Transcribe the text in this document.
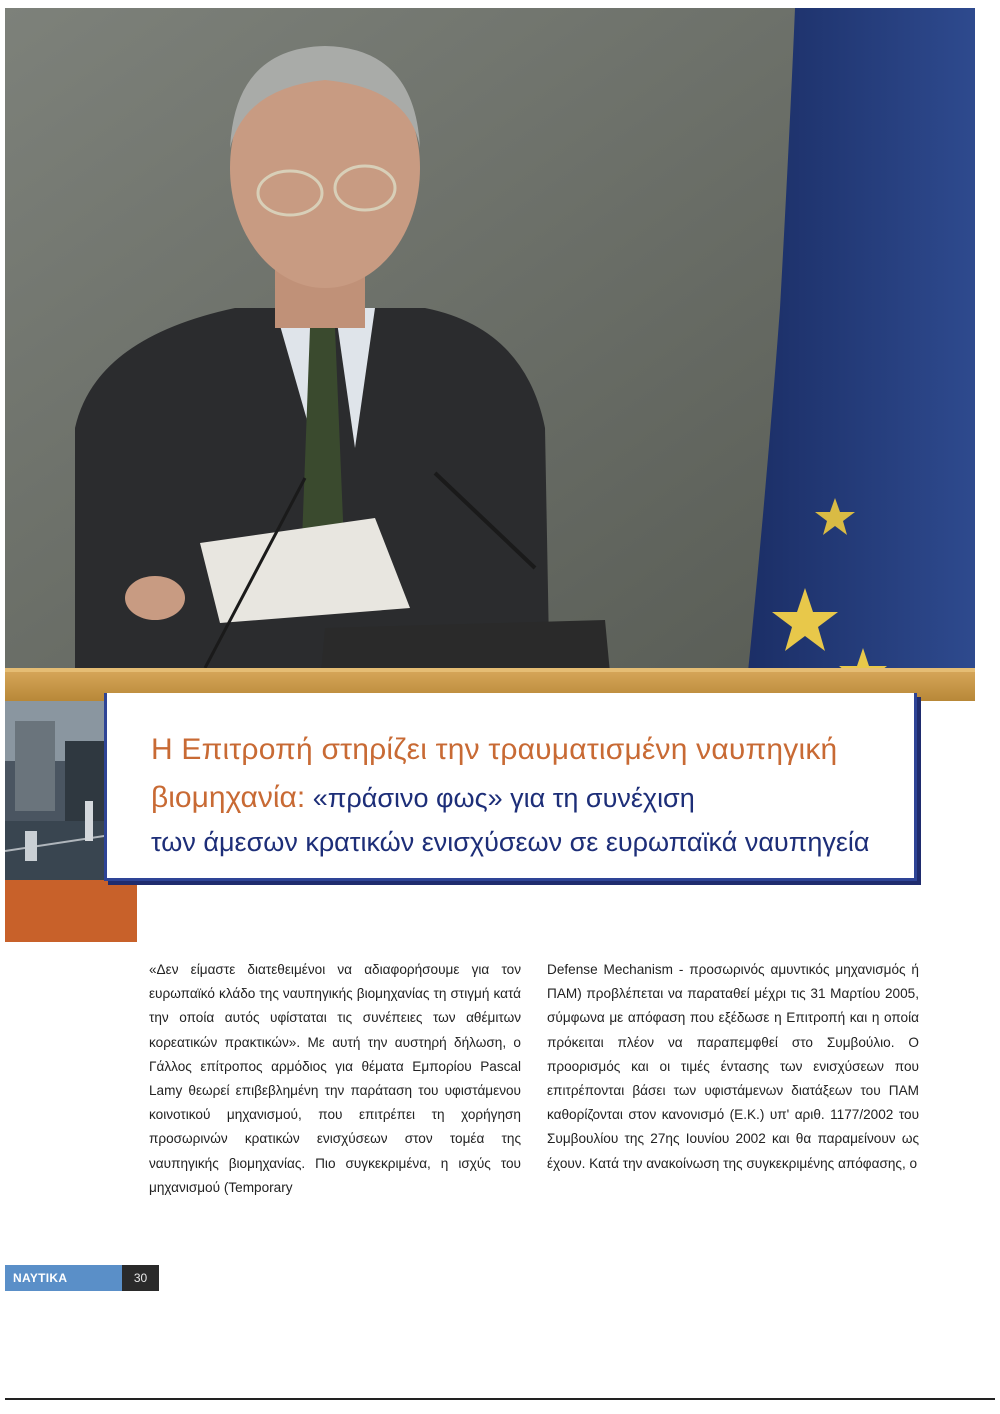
Η Επιτροπή στηρίζει την τραυματισμένη ναυπηγική
βιομηχανία: «πράσινο φως» για τη συνέχιση
των άμεσων κρατικών ενισχύσεων σε ευρωπαϊκά ναυπηγεία

«Δεν είμαστε διατεθειμένοι να αδιαφορήσουμε για τον ευρωπαϊκό κλάδο της ναυπηγικής βιομηχανίας τη στιγμή κατά την οποία αυτός υφίσταται τις συνέπειες των αθέμιτων κορεατικών πρακτικών». Με αυτή την αυστηρή δήλωση, ο Γάλλος επίτροπος αρμόδιος για θέματα Εμπορίου Pascal Lamy θεωρεί επιβεβλημένη την παράταση του υφιστάμενου κοινοτικού μηχανισμού, που επιτρέπει τη χορήγηση προσωρινών κρατικών ενισχύσεων στον τομέα της ναυπηγικής βιομηχανίας. Πιο συγκεκριμένα, η ισχύς του μηχανισμού (Temporary

Defense Mechanism - προσωρινός αμυντικός μηχανισμός ή ΠΑΜ) προβλέπεται να παραταθεί μέχρι τις 31 Μαρτίου 2005, σύμφωνα με απόφαση που εξέδωσε η Επιτροπή και η οποία πρόκειται πλέον να παραπεμφθεί στο Συμβούλιο. Ο προορισμός και οι τιμές έντασης των ενισχύσεων που επιτρέπονται βάσει των υφιστάμενων διατάξεων του ΠΑΜ καθορίζονται στον κανονισμό (Ε.Κ.) υπ' αριθ. 1177/2002 του Συμβουλίου της 27ης Ιουνίου 2002 και θα παραμείνουν ως έχουν. Κατά την ανακοίνωση της συγκεκριμένης απόφασης, ο

ΝΑΥΤΙΚΑ ΧΡΟΝΙΚΑ
30
